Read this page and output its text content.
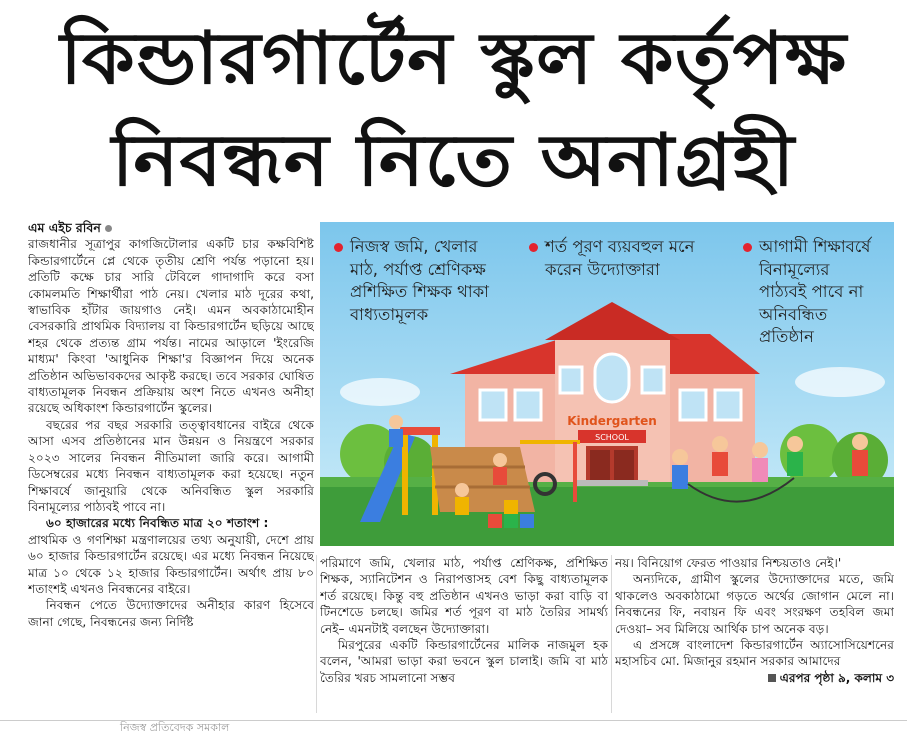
কিন্ডারগার্টেন স্কুল কর্তৃপক্ষ
নিবন্ধন নিতে অনাগ্রহী

এম এইচ রবিন

রাজধানীর সূত্রাপুর কাগজিটোলার একটি চার কক্ষবিশিষ্ট কিন্ডারগার্টেনে প্লে থেকে তৃতীয় শ্রেণি পর্যন্ত পড়ানো হয়। প্রতিটি কক্ষে চার সারি টেবিলে গাদাগাদি করে বসা কোমলমতি শিক্ষার্থীরা পাঠ নেয়। খেলার মাঠ দূরের কথা, স্বাভাবিক হাঁটার জায়গাও নেই। এমন অবকাঠামোহীন বেসরকারি প্রাথমিক বিদ্যালয় বা কিন্ডারগার্টেন ছড়িয়ে আছে শহর থেকে প্রত্যন্ত গ্রাম পর্যন্ত। নামের আড়ালে 'ইংরেজি মাধ্যম' কিংবা 'আধুনিক শিক্ষা'র বিজ্ঞাপন দিয়ে অনেক প্রতিষ্ঠান অভিভাবকদের আকৃষ্ট করছে। তবে সরকার ঘোষিত বাধ্যতামূলক নিবন্ধন প্রক্রিয়ায় অংশ নিতে এখনও অনীহা রয়েছে অধিকাংশ কিন্ডারগার্টেন স্কুলের।

বছরের পর বছর সরকারি তত্ত্বাবধানের বাইরে থেকে আসা এসব প্রতিষ্ঠানের মান উন্নয়ন ও নিয়ন্ত্রণে সরকার ২০২৩ সালের নিবন্ধন নীতিমালা জারি করে। আগামী ডিসেম্বরের মধ্যে নিবন্ধন বাধ্যতামূলক করা হয়েছে। নতুন শিক্ষাবর্ষে জানুয়ারি থেকে অনিবন্ধিত স্কুল সরকারি বিনামূল্যের পাঠ্যবই পাবে না।

৬০ হাজারের মধ্যে নিবন্ধিত মাত্র ২০ শতাংশ :

প্রাথমিক ও গণশিক্ষা মন্ত্রণালয়ের তথ্য অনুযায়ী, দেশে প্রায় ৬০ হাজার কিন্ডারগার্টেন রয়েছে। এর মধ্যে নিবন্ধন নিয়েছে মাত্র ১০ থেকে ১২ হাজার কিন্ডারগার্টেন। অর্থাৎ প্রায় ৮০ শতাংশই এখনও নিবন্ধনের বাইরে।

নিবন্ধন পেতে উদ্যোক্তাদের অনীহার কারণ হিসেবে জানা গেছে, নিবন্ধনের জন্য নির্দিষ্ট

Kindergarten
SCHOOL
নিজস্ব জমি, খেলার মাঠ, পর্যাপ্ত শ্রেণিকক্ষ প্রশিক্ষিত শিক্ষক থাকা বাধ্যতামূলক
শর্ত পূরণ ব্যয়বহুল মনে করেন উদ্যোক্তারা
আগামী শিক্ষাবর্ষে বিনামূল্যের পাঠ্যবই পাবে না অনিবন্ধিত প্রতিষ্ঠান

পরিমাণে জমি, খেলার মাঠ, পর্যাপ্ত শ্রেণিকক্ষ, প্রশিক্ষিত শিক্ষক, স্যানিটেশন ও নিরাপত্তাসহ বেশ কিছু বাধ্যতামূলক শর্ত রয়েছে। কিন্তু বহু প্রতিষ্ঠান এখনও ভাড়া করা বাড়ি বা টিনশেডে চলছে। জমির শর্ত পূরণ বা মাঠ তৈরির সামর্থ্য নেই– এমনটাই বলছেন উদ্যোক্তারা।

মিরপুরের একটি কিন্ডারগার্টেনের মালিক নাজমুল হক বলেন, 'আমরা ভাড়া করা ভবনে স্কুল চালাই। জমি বা মাঠ তৈরির খরচ সামলানো সম্ভব

নয়। বিনিয়োগ ফেরত পাওয়ার নিশ্চয়তাও নেই।'

অন্যদিকে, গ্রামীণ স্কুলের উদ্যোক্তাদের মতে, জমি থাকলেও অবকাঠামো গড়তে অর্থের জোগান মেলে না। নিবন্ধনের ফি, নবায়ন ফি এবং সংরক্ষণ তহবিল জমা দেওয়া– সব মিলিয়ে আর্থিক চাপ অনেক বড়।

এ প্রসঙ্গে বাংলাদেশ কিন্ডারগার্টেন অ্যাসোসিয়েশনের মহাসচিব মো. মিজানুর রহমান সরকার আমাদের

এরপর পৃষ্ঠা ৯, কলাম ৩

নিজস্ব প্রতিবেদক সমকাল
